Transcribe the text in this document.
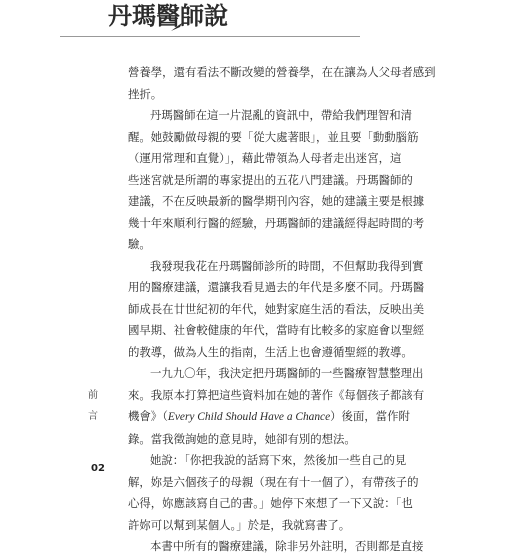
丹瑪醫師說
營養學，還有看法不斷改變的營養學，在在讓為人父母者感到
挫折。
丹瑪醫師在這一片混亂的資訊中，帶給我們理智和清
醒。她鼓勵做母親的要「從大處著眼」，並且要「動動腦筋
（運用常理和直覺）」，藉此帶領為人母者走出迷宮，這
些迷宮就是所謂的專家提出的五花八門建議。丹瑪醫師的
建議，不在反映最新的醫學期刊內容，她的建議主要是根據
幾十年來順利行醫的經驗，丹瑪醫師的建議經得起時間的考
驗。
我發現我花在丹瑪醫師診所的時間，不但幫助我得到實
用的醫療建議，還讓我看見過去的年代是多麼不同。丹瑪醫
師成長在廿世紀初的年代，她對家庭生活的看法，反映出美
國早期、社會較健康的年代，當時有比較多的家庭會以聖經
的教導，做為人生的指南，生活上也會遵循聖經的教導。
一九九〇年，我決定把丹瑪醫師的一些醫療智慧整理出
來。我原本打算把這些資料加在她的著作《每個孩子都該有
機會》（Every Child Should Have a Chance）後面，當作附
錄。當我徵詢她的意見時，她卻有別的想法。
她說：「你把我說的話寫下來，然後加一些自己的見
解，妳是六個孩子的母親（現在有十一個了），有帶孩子的
心得，妳應該寫自己的書。」她停下來想了一下又說：「也
許妳可以幫到某個人。」於是，我就寫書了。
本書中所有的醫療建議，除非另外註明，否則都是直接
前
言
02
